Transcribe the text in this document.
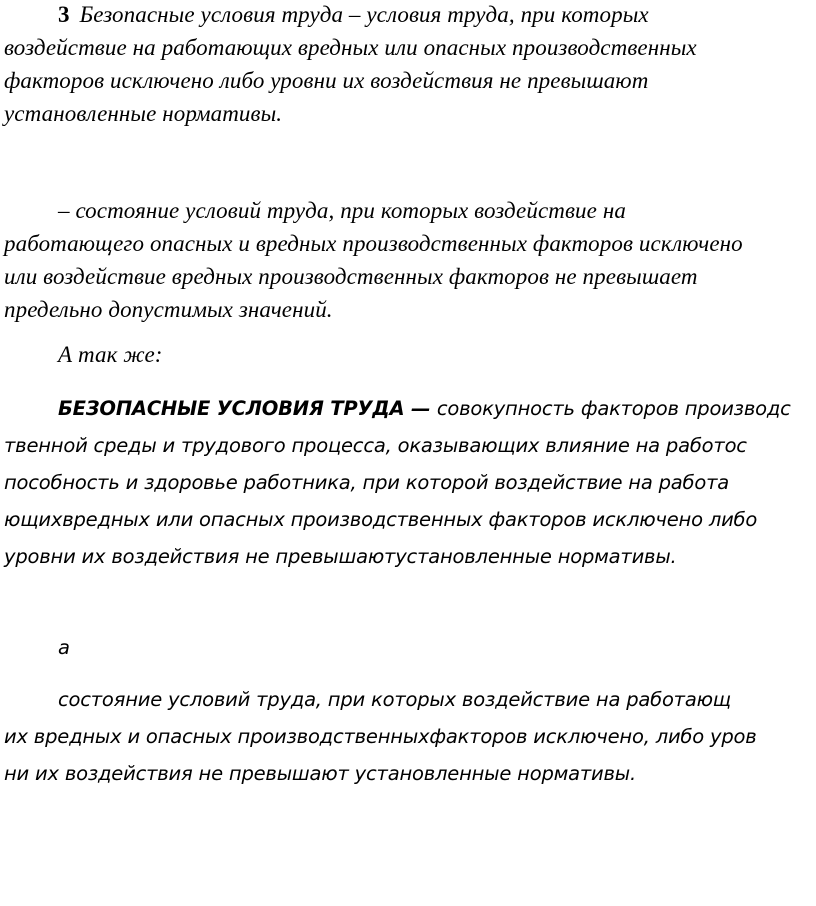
3 Безопасные условия труда – условия труда, при которых
воздействие на работающих вредных или опасных производственных
факторов исключено либо уровни их воздействия не превышают
установленные нормативы.
– состояние условий труда, при которых воздействие на
работающего опасных и вредных производственных факторов исключено
или воздействие вредных производственных факторов не превышает
предельно допустимых значений.
А так же:
БЕЗОПАСНЫЕ УСЛОВИЯ ТРУДА — совокупность факторов производс
твенной среды и трудового процесса, оказывающих влияние на работос
пособность и здоровье работника, при которой воздействие на работа
ющихвредных или опасных производственных факторов исключено либо
уровни их воздействия не превышаютустановленные нормативы.
а
состояние условий труда, при которых воздействие на работающ
их вредных и опасных производственныхфакторов исключено, либо уров
ни их воздействия не превышают установленные нормативы.
